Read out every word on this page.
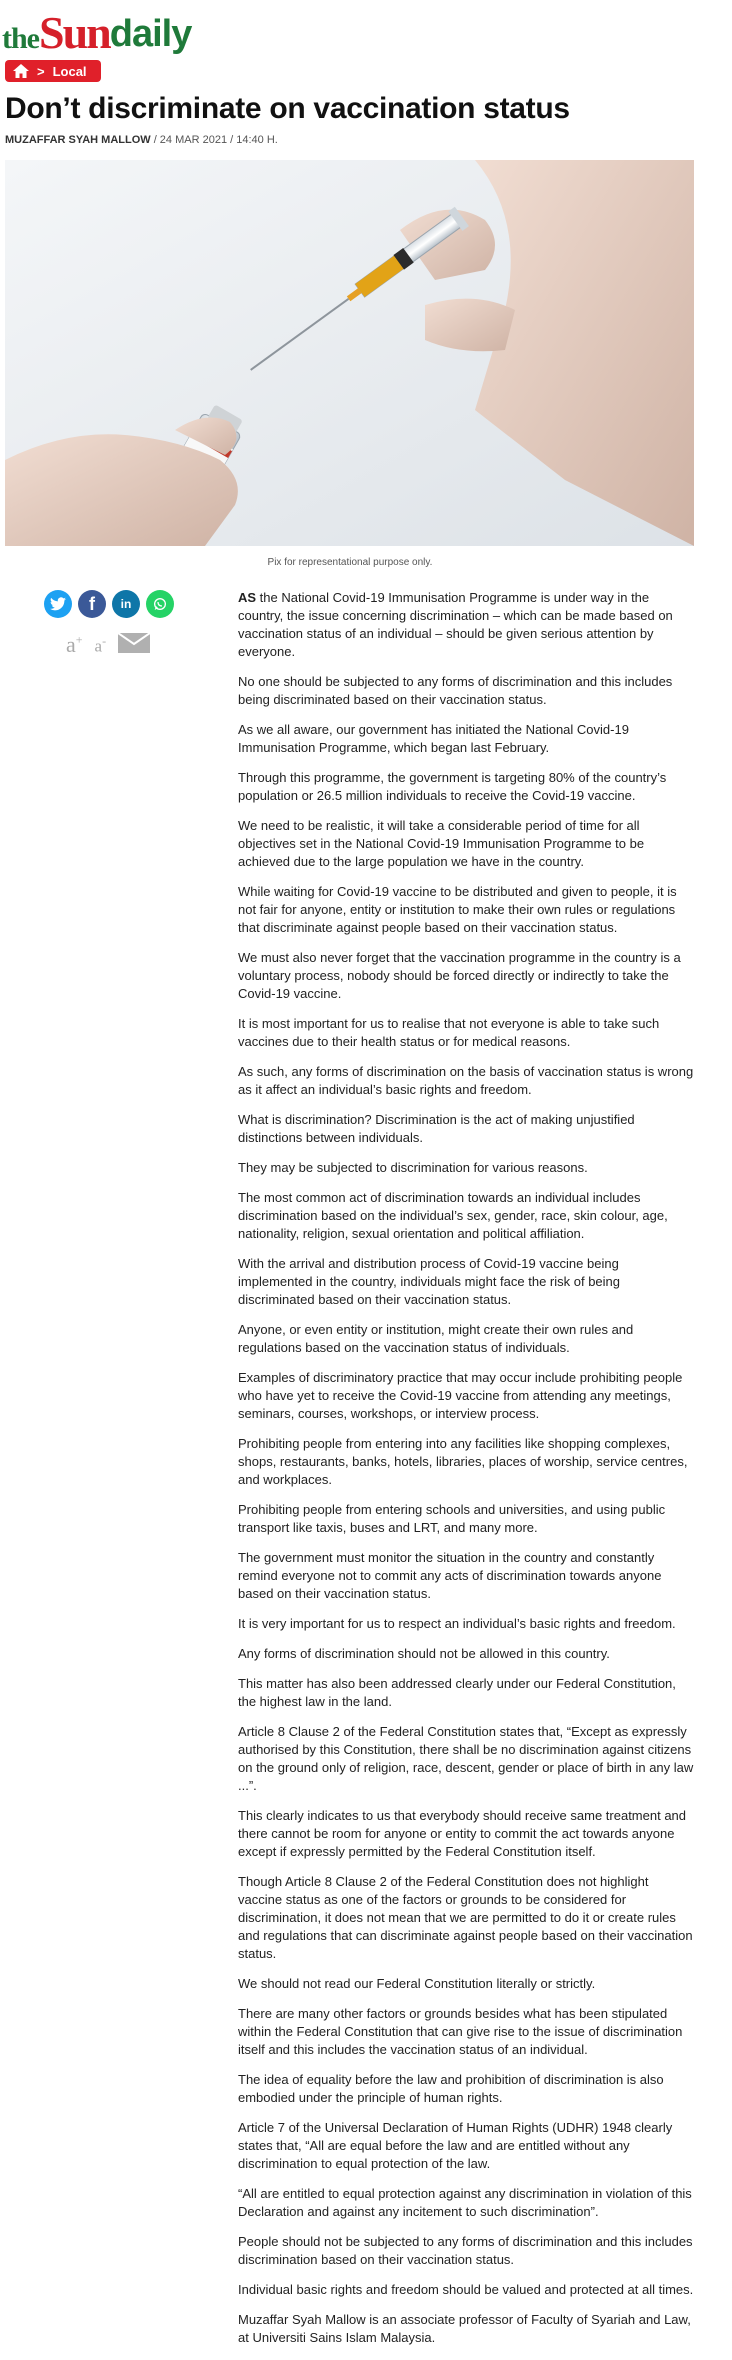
the Sun daily
> Local
Don’t discriminate on vaccination status
MUZAFFAR SYAH MALLOW / 24 MAR 2021 / 14:40 H.
Pix for representational purpose only.
f in
a+ a-

AS the National Covid-19 Immunisation Programme is under way in the country, the issue concerning discrimination – which can be made based on vaccination status of an individual – should be given serious attention by everyone.

No one should be subjected to any forms of discrimination and this includes being discriminated based on their vaccination status.

As we all aware, our government has initiated the National Covid-19 Immunisation Programme, which began last February.

Through this programme, the government is targeting 80% of the country’s population or 26.5 million individuals to receive the Covid-19 vaccine.

We need to be realistic, it will take a considerable period of time for all objectives set in the National Covid-19 Immunisation Programme to be achieved due to the large population we have in the country.

While waiting for Covid-19 vaccine to be distributed and given to people, it is not fair for anyone, entity or institution to make their own rules or regulations that discriminate against people based on their vaccination status.

We must also never forget that the vaccination programme in the country is a voluntary process, nobody should be forced directly or indirectly to take the Covid-19 vaccine.

It is most important for us to realise that not everyone is able to take such vaccines due to their health status or for medical reasons.

As such, any forms of discrimination on the basis of vaccination status is wrong as it affect an individual’s basic rights and freedom.

What is discrimination? Discrimination is the act of making unjustified distinctions between individuals.

They may be subjected to discrimination for various reasons.

The most common act of discrimination towards an individual includes discrimination based on the individual’s sex, gender, race, skin colour, age, nationality, religion, sexual orientation and political affiliation.

With the arrival and distribution process of Covid-19 vaccine being implemented in the country, individuals might face the risk of being discriminated based on their vaccination status.

Anyone, or even entity or institution, might create their own rules and regulations based on the vaccination status of individuals.

Examples of discriminatory practice that may occur include prohibiting people who have yet to receive the Covid-19 vaccine from attending any meetings, seminars, courses, workshops, or interview process.

Prohibiting people from entering into any facilities like shopping complexes, shops, restaurants, banks, hotels, libraries, places of worship, service centres, and workplaces.

Prohibiting people from entering schools and universities, and using public transport like taxis, buses and LRT, and many more.

The government must monitor the situation in the country and constantly remind everyone not to commit any acts of discrimination towards anyone based on their vaccination status.

It is very important for us to respect an individual’s basic rights and freedom.

Any forms of discrimination should not be allowed in this country.

This matter has also been addressed clearly under our Federal Constitution, the highest law in the land.

Article 8 Clause 2 of the Federal Constitution states that, “Except as expressly authorised by this Constitution, there shall be no discrimination against citizens on the ground only of religion, race, descent, gender or place of birth in any law ...”.

This clearly indicates to us that everybody should receive same treatment and there cannot be room for anyone or entity to commit the act towards anyone except if expressly permitted by the Federal Constitution itself.

Though Article 8 Clause 2 of the Federal Constitution does not highlight vaccine status as one of the factors or grounds to be considered for discrimination, it does not mean that we are permitted to do it or create rules and regulations that can discriminate against people based on their vaccination status.

We should not read our Federal Constitution literally or strictly.

There are many other factors or grounds besides what has been stipulated within the Federal Constitution that can give rise to the issue of discrimination itself and this includes the vaccination status of an individual.

The idea of equality before the law and prohibition of discrimination is also embodied under the principle of human rights.

Article 7 of the Universal Declaration of Human Rights (UDHR) 1948 clearly states that, “All are equal before the law and are entitled without any discrimination to equal protection of the law.

“All are entitled to equal protection against any discrimination in violation of this Declaration and against any incitement to such discrimination”.

People should not be subjected to any forms of discrimination and this includes discrimination based on their vaccination status.

Individual basic rights and freedom should be valued and protected at all times.

Muzaffar Syah Mallow is an associate professor of Faculty of Syariah and Law, at Universiti Sains Islam Malaysia.
